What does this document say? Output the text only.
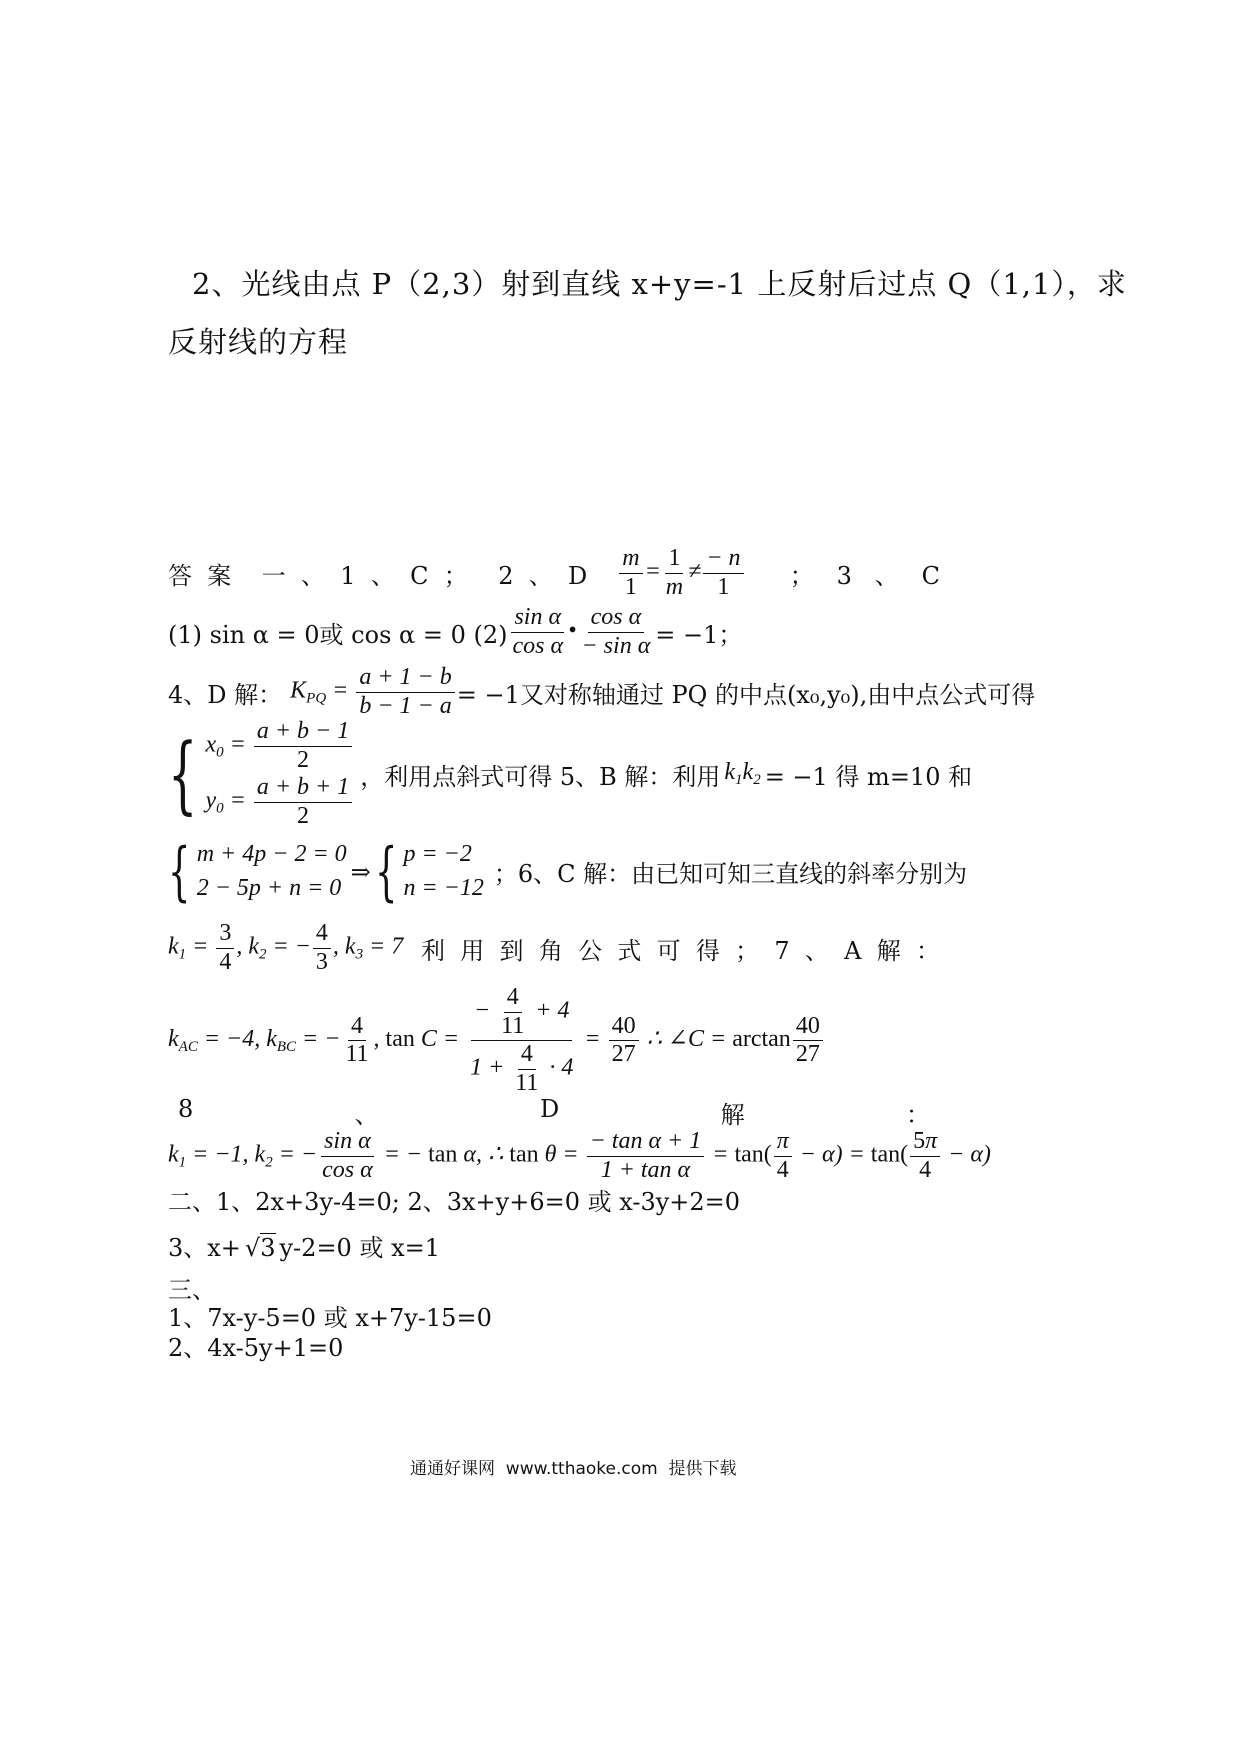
2、光线由点 P（2,3）射到直线 x+y=-1 上反射后过点 Q（1,1），求
反射线的方程
答  案    一  、  1  、  C  ；    2  、  D $\frac{m}{1} = \frac{1}{m} \ne \frac{- n}{1}$ ；   3   、   C
(1) sin α = 0或 cos α = 0 $(2) \frac{\text{sin α}}{\text{cos α}}$ • $\frac{\text{cos α}}{\text{− sin α}} = -1$；
4、D 解： $K_{PQ} = \frac{a + 1 - b}{b - 1 - a} = -1$又对称轴通过 PQ 的中点(x₀,y₀),由中点公式可得
{ $x_0 = \frac{a + b - 1}{2}$
$y_0 = \frac{a + b + 1}{2}$ ，利用点斜式可得 5、B 解：利用 $k_1k_2 = -1$ 得 m=10 和
{ m + 4p − 2 = 0
2 − 5p + n = 0
⇒ { p = −2
n = −12 ；6、C 解：由已知可知三直线的斜率分别为
$k_1 = \frac{3}{4}$ , $k_2$ = − $\frac{4}{3}$ , $k_3 = 7$ 利  用  到  角  公  式  可  得  ；  7  、  A  解  ：
$k_{AC} = -4$, $k_{BC}$ = − $\frac{4}{11}$ , $\tan C = \frac{- \frac{4}{11} + 4}{1 + \frac{4}{11} \cdot 4} = \frac{40}{27}$ ∴ ∠C = $\arctan \frac{40}{27}$
8	、	D	解	：
$k_1 = -1$, $k_2$ = − $\frac{\text{sin α}}{\text{cos α}}$ = − tan α, ∴ $\tan \theta = \frac{\text{− tan α + 1}}{\text{1 + tan α}} = \tan( \frac{\pi}{4} - \alpha) = \tan( \frac{5\pi}{4} - \alpha)$
二、1、2x+3y-4=0; 2、3x+y+6=0 或 x-3y+2=0
3、x+ √3 y-2=0 或 x=1
三、
1、7x-y-5=0 或 x+7y-15=0
2、4x-5y+1=0
通通好课网  www.tthaoke.com  提供下载
